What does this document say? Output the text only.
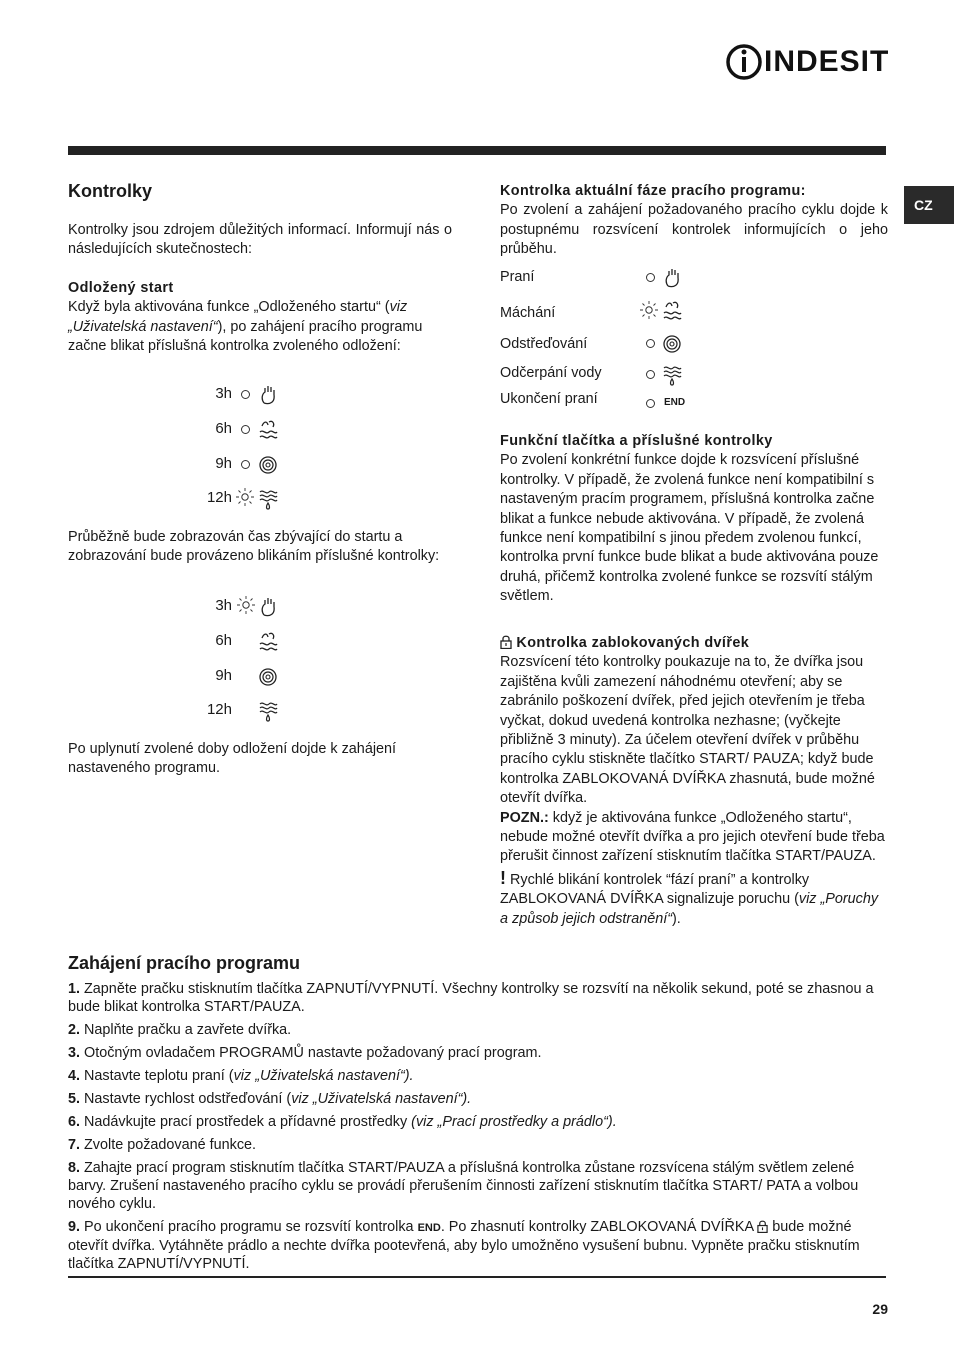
INDESIT
CZ
Kontrolky

Kontrolky jsou zdrojem důležitých informací. Informují nás o následujících skutečnostech:

Odložený start

Když byla aktivována funkce „Odloženého startu“ (viz „Uživatelská nastavení“), po zahájení pracího programu začne blikat příslušná kontrolka zvoleného odložení:

3h
6h
9h
12h

Průběžně bude zobrazován čas zbývající do startu a zobrazování bude provázeno blikáním příslušné kontrolky:

3h
6h
9h
12h

Po uplynutí zvolené doby odložení dojde k zahájení nastaveného programu.

Kontrolka aktuální fáze pracího programu:

Po zvolení a zahájení požadovaného pracího cyklu dojde k postupnému rozsvícení kontrolek informujících o jeho průběhu.

Praní
Máchání
Odstřeďování
Odčerpání vody
Ukončení praní	END
Funkční tlačítka a příslušné kontrolky

Po zvolení konkrétní funkce dojde k rozsvícení příslušné kontrolky. V případě, že zvolená funkce není kompatibilní s nastaveným pracím programem, příslušná kontrolka začne blikat a funkce nebude aktivována. V případě, že zvolená funkce není kompatibilní s jinou předem zvolenou funkcí, kontrolka první funkce bude blikat a bude aktivována pouze druhá, přičemž kontrolka zvolené funkce se rozsvítí stálým světlem.

Kontrolka zablokovaných dvířek

Rozsvícení této kontrolky poukazuje na to, že dvířka jsou zajištěna kvůli zamezení náhodnému otevření; aby se zabránilo poškození dvířek, před jejich otevřením je třeba vyčkat, dokud uvedená kontrolka nezhasne; (vyčkejte přibližně 3 minuty). Za účelem otevření dvířek v průběhu pracího cyklu stiskněte tlačítko START/ PAUZA; když bude kontrolka ZABLOKOVANÁ DVÍŘKA zhasnutá, bude možné otevřít dvířka.

POZN.: když je aktivována funkce „Odloženého startu“, nebude možné otevřít dvířka a pro jejich otevření bude třeba přerušit činnost zařízení stisknutím tlačítka START/PAUZA.

! Rychlé blikání kontrolek “fází praní” a kontrolky ZABLOKOVANÁ DVÍŘKA signalizuje poruchu (viz „Poruchy a způsob jejich odstranění“).

Zahájení pracího programu

1. Zapněte pračku stisknutím tlačítka ZAPNUTÍ/VYPNUTÍ. Všechny kontrolky se rozsvítí na několik sekund, poté se zhasnou a bude blikat kontrolka START/PAUZA.

2. Naplňte pračku a zavřete dvířka.

3. Otočným ovladačem PROGRAMŮ nastavte požadovaný prací program.

4. Nastavte teplotu praní (viz „Uživatelská nastavení“).

5. Nastavte rychlost odstřeďování (viz „Uživatelská nastavení“).

6. Nadávkujte prací prostředek a přídavné prostředky (viz „Prací prostředky a prádlo“).

7. Zvolte požadované funkce.

8. Zahajte prací program stisknutím tlačítka START/PAUZA a příslušná kontrolka zůstane rozsvícena stálým světlem zelené barvy. Zrušení nastaveného pracího cyklu se provádí přerušením činnosti zařízení stisknutím tlačítka START/ PATA a volbou nového cyklu.

9. Po ukončení pracího programu se rozsvítí kontrolka END. Po zhasnutí kontrolky ZABLOKOVANÁ DVÍŘKA  bude možné otevřít dvířka. Vytáhněte prádlo a nechte dvířka pootevřená, aby bylo umožněno vysušení bubnu. Vypněte pračku stisknutím tlačítka ZAPNUTÍ/VYPNUTÍ.

29
